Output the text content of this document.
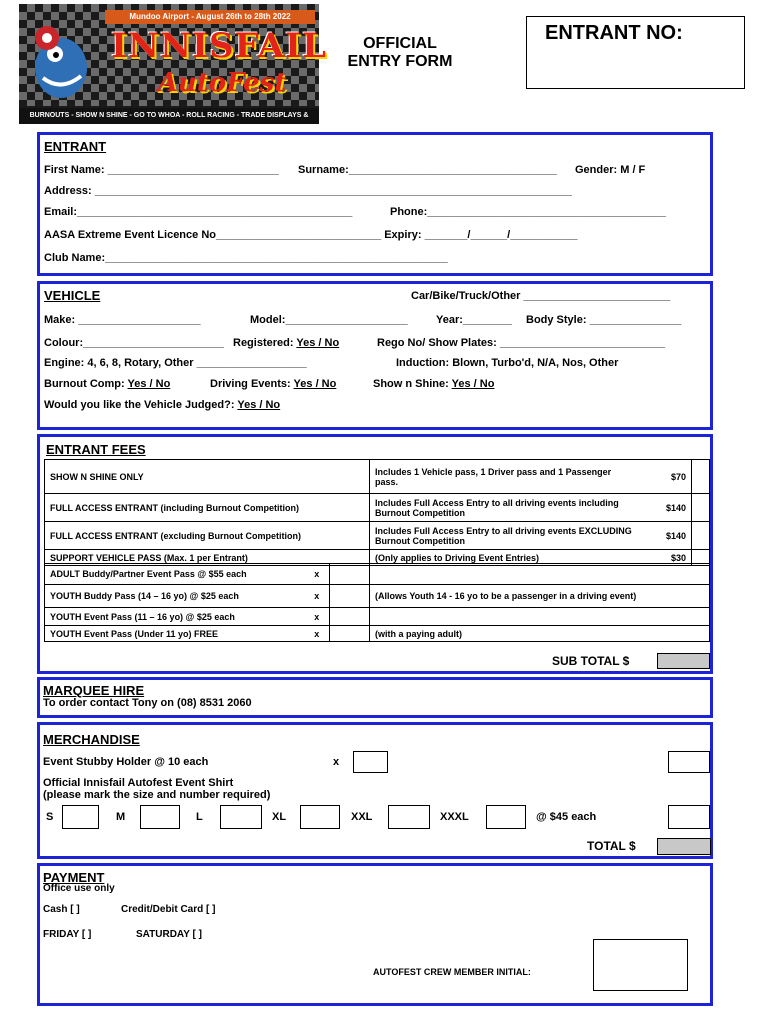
Mundoo Airport - August 26th to 28th 2022
INNISFAIL
AutoFest
BURNOUTS - SHOW N SHINE - GO TO WHOA - ROLL RACING - TRADE DISPLAYS & MORE
OFFICIAL
ENTRY FORM
ENTRANT NO:
ENTRANT
First Name: ____________________________ Surname:__________________________________ Gender: M / F
Address: ______________________________________________________________________________
Email:_____________________________________________	Phone:_______________________________________
AASA Extreme Event Licence No___________________________ Expiry: _______/______/___________
Club Name:________________________________________________________
VEHICLE	Car/Bike/Truck/Other ________________________
Make: ____________________	Model:____________________	Year:________ Body Style: _______________
Colour:_______________________ Registered: Yes / No	Rego No/ Show Plates: ___________________________
Engine: 4, 6, 8, Rotary, Other __________________	Induction: Blown, Turbo'd, N/A, Nos, Other
Burnout Comp: Yes / No	Driving Events: Yes / No	Show n Shine: Yes / No
Would you like the Vehicle Judged?: Yes / No
ENTRANT FEES
SHOW N SHINE ONLY	Includes 1 Vehicle pass, 1 Driver pass and 1 Passenger pass.	$70	
FULL ACCESS ENTRANT (including Burnout Competition)	Includes Full Access Entry to all driving events including Burnout Competition	$140	
FULL ACCESS ENTRANT (excluding Burnout Competition)	Includes Full Access Entry to all driving events EXCLUDING Burnout Competition	$140	
SUPPORT VEHICLE PASS (Max. 1 per Entrant)	(Only applies to Driving Event Entries)	$30	
ADULT Buddy/Partner Event Pass @ $55 each	x		
YOUTH Buddy Pass (14 – 16 yo) @ $25 each	x		(Allows Youth 14 - 16 yo to be a passenger in a driving event)
YOUTH Event Pass (11 – 16 yo) @ $25 each	x		
YOUTH Event Pass (Under 11 yo) FREE	x		(with a paying adult)
SUB TOTAL $
MARQUEE HIRE
To order contact Tony on (08) 8531 2060
MERCHANDISE
Event Stubby Holder @ 10 each	x
Official Innisfail Autofest Event Shirt
(please mark the size and number required)
S	M	L	XL	XXL	XXXL	@ $45 each
TOTAL $
PAYMENT
Office use only
Cash [ ]	Credit/Debit Card [ ]
FRIDAY [ ]	SATURDAY [ ]
AUTOFEST CREW MEMBER INITIAL:
